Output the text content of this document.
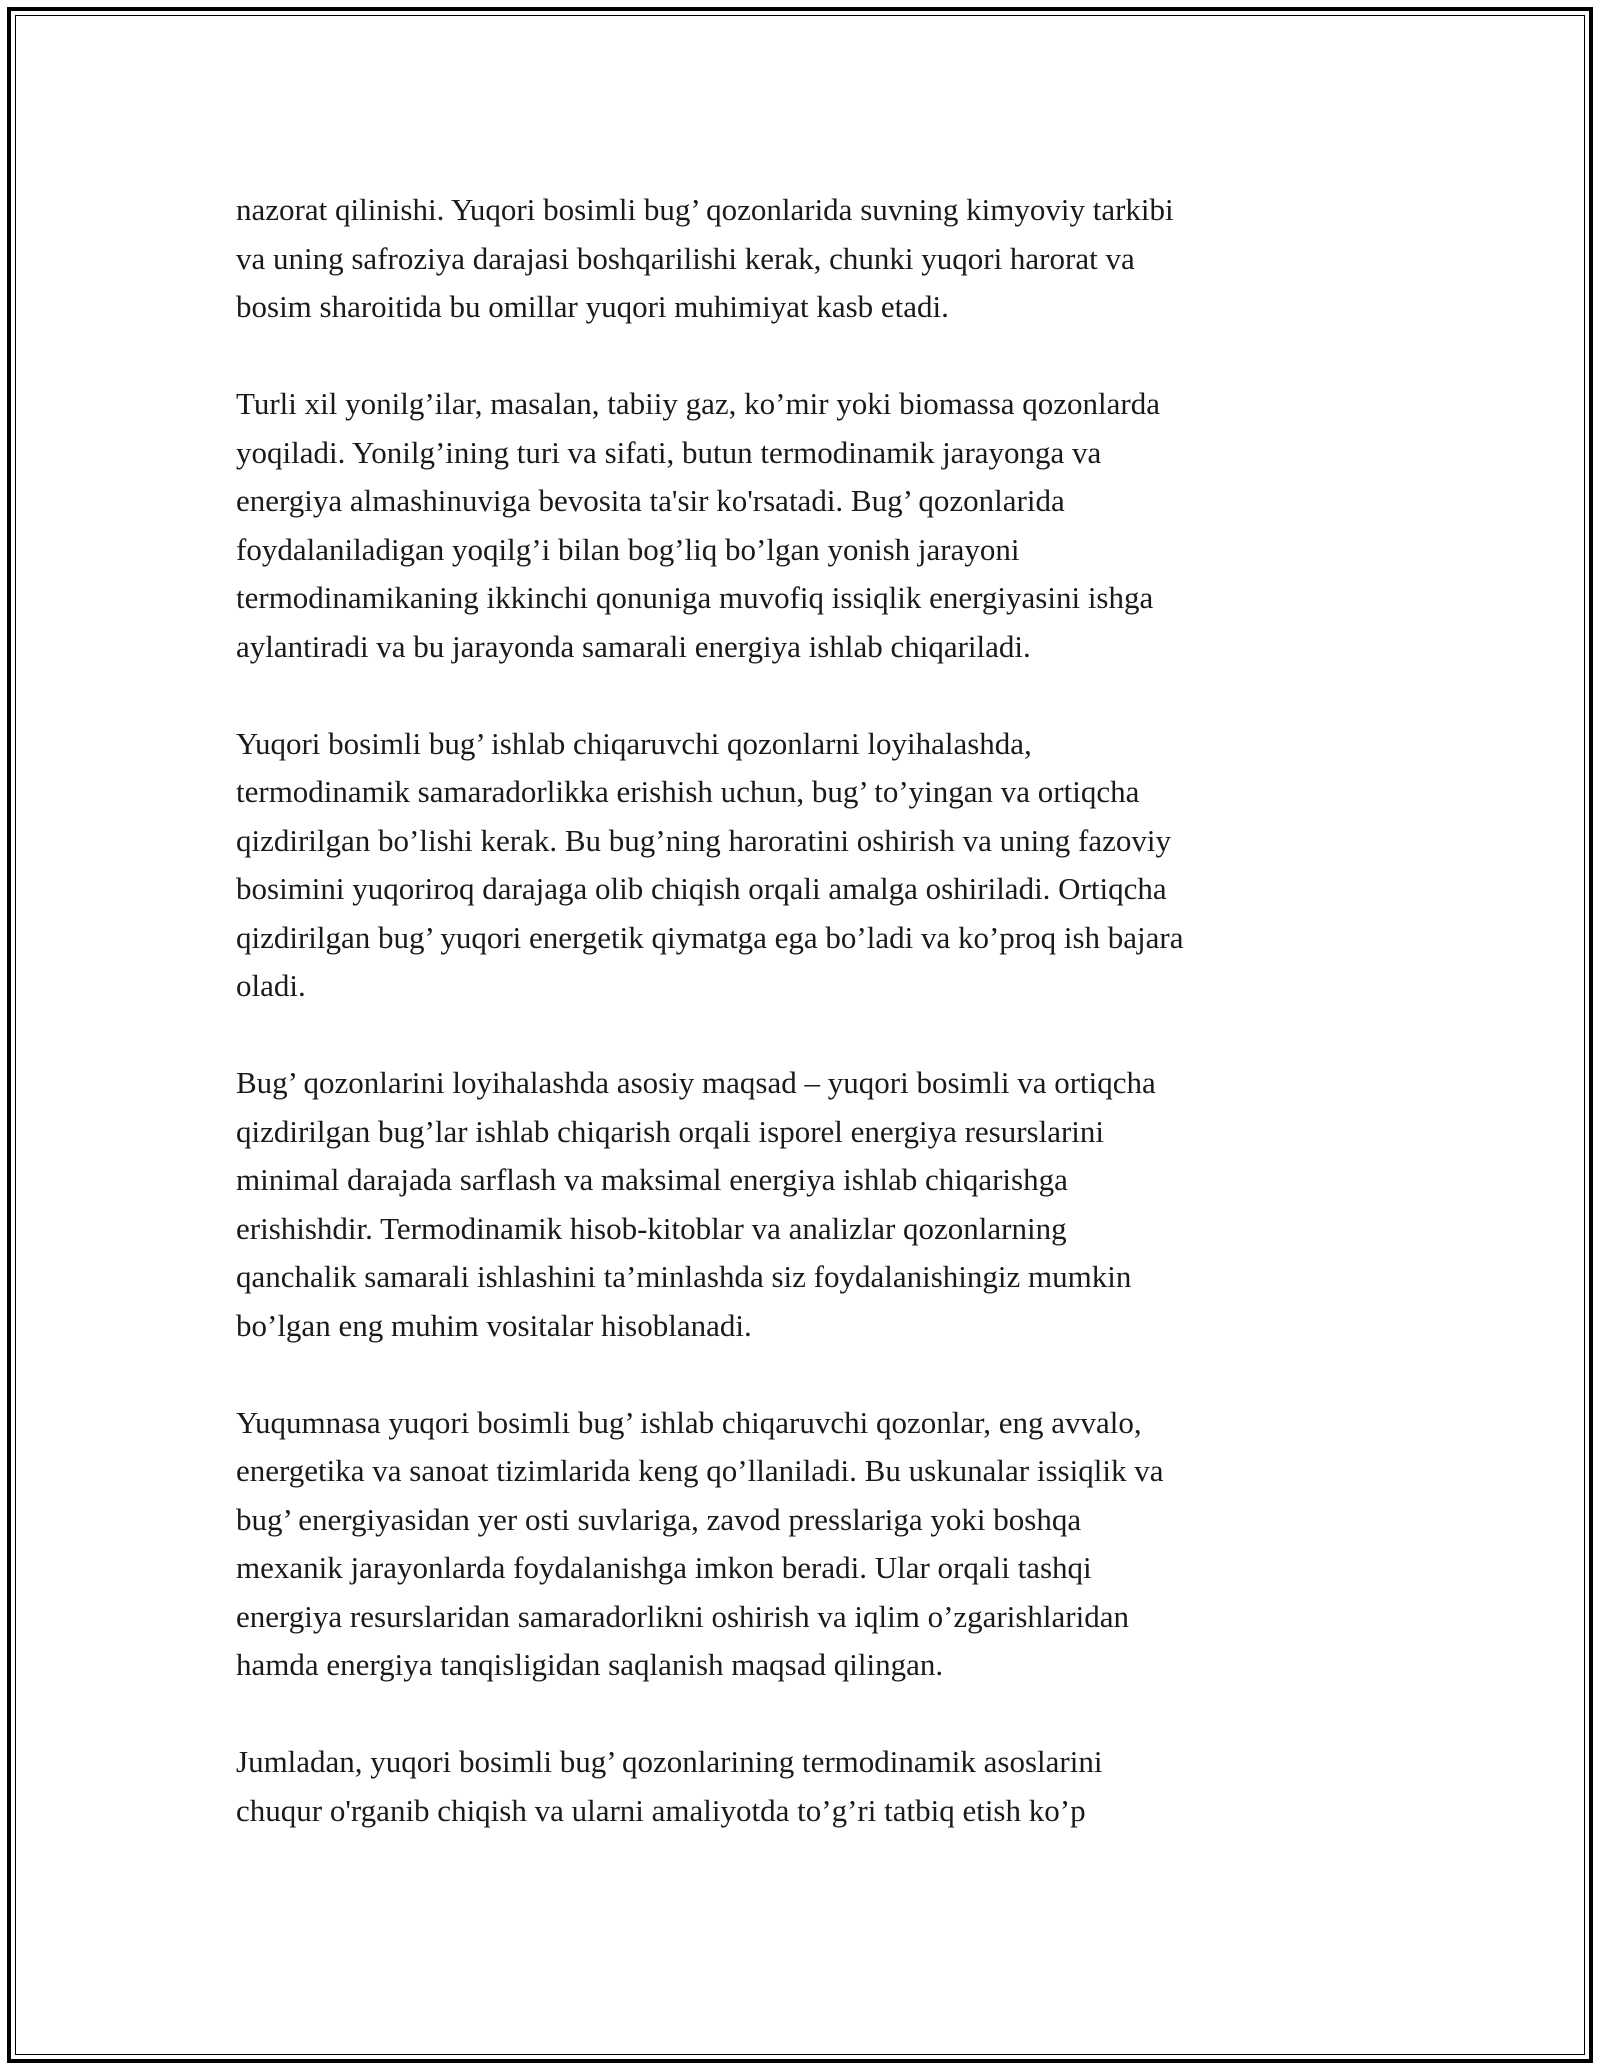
nazorat qilinishi. Yuqori bosimli bug’ qozonlarida suvning kimyoviy tarkibi
va uning safroziya darajasi boshqarilishi kerak, chunki yuqori harorat va
bosim sharoitida bu omillar yuqori muhimiyat kasb etadi.

Turli xil yonilg’ilar, masalan, tabiiy gaz, ko’mir yoki biomassa qozonlarda
yoqiladi. Yonilg’ining turi va sifati, butun termodinamik jarayonga va
energiya almashinuviga bevosita ta'sir ko'rsatadi. Bug’ qozonlarida
foydalaniladigan yoqilg’i bilan bog’liq bo’lgan yonish jarayoni
termodinamikaning ikkinchi qonuniga muvofiq issiqlik energiyasini ishga
aylantiradi va bu jarayonda samarali energiya ishlab chiqariladi.

Yuqori bosimli bug’ ishlab chiqaruvchi qozonlarni loyihalashda,
termodinamik samaradorlikka erishish uchun, bug’ to’yingan va ortiqcha
qizdirilgan bo’lishi kerak. Bu bug’ning haroratini oshirish va uning fazoviy
bosimini yuqoriroq darajaga olib chiqish orqali amalga oshiriladi. Ortiqcha
qizdirilgan bug’ yuqori energetik qiymatga ega bo’ladi va ko’proq ish bajara
oladi.

Bug’ qozonlarini loyihalashda asosiy maqsad – yuqori bosimli va ortiqcha
qizdirilgan bug’lar ishlab chiqarish orqali isporel energiya resurslarini
minimal darajada sarflash va maksimal energiya ishlab chiqarishga
erishishdir. Termodinamik hisob-kitoblar va analizlar qozonlarning
qanchalik samarali ishlashini ta’minlashda siz foydalanishingiz mumkin
bo’lgan eng muhim vositalar hisoblanadi.

Yuqumnasa yuqori bosimli bug’ ishlab chiqaruvchi qozonlar, eng avvalo,
energetika va sanoat tizimlarida keng qo’llaniladi. Bu uskunalar issiqlik va
bug’ energiyasidan yer osti suvlariga, zavod presslariga yoki boshqa
mexanik jarayonlarda foydalanishga imkon beradi. Ular orqali tashqi
energiya resurslaridan samaradorlikni oshirish va iqlim o’zgarishlaridan
hamda energiya tanqisligidan saqlanish maqsad qilingan.

Jumladan, yuqori bosimli bug’ qozonlarining termodinamik asoslarini
chuqur o'rganib chiqish va ularni amaliyotda to’g’ri tatbiq etish ko’p
